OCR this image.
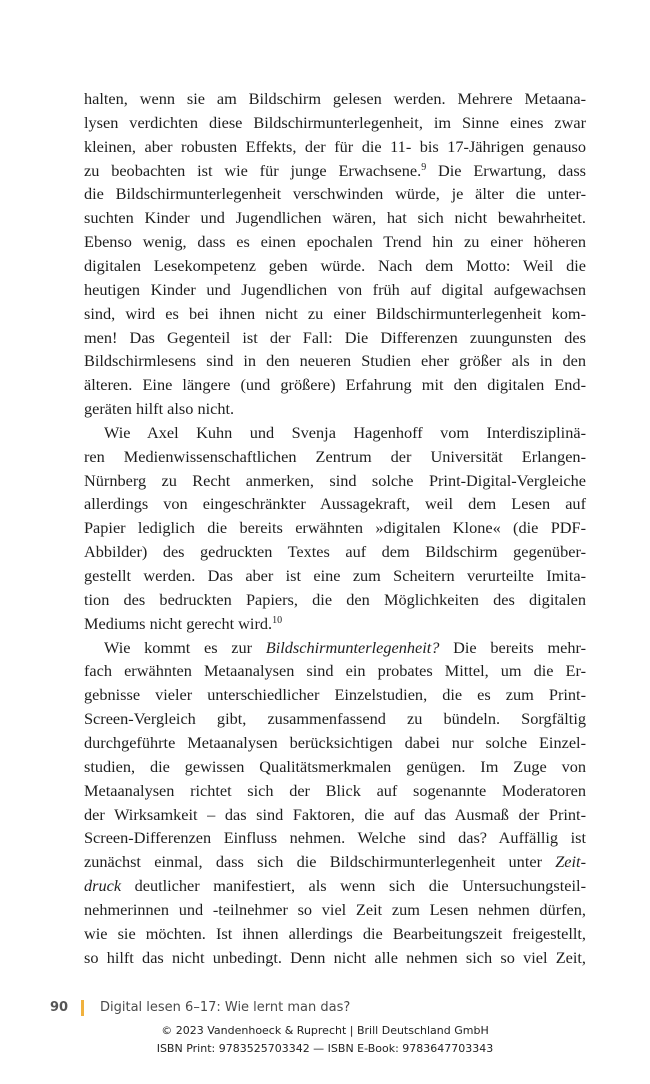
halten, wenn sie am Bildschirm gelesen werden. Mehrere Metaana-
lysen verdichten diese Bildschirmunterlegenheit, im Sinne eines zwar
kleinen, aber robusten Effekts, der für die 11- bis 17-Jährigen genauso
zu beobachten ist wie für junge Erwachsene.$^9$ Die Erwartung, dass
die Bildschirmunterlegenheit verschwinden würde, je älter die unter-
suchten Kinder und Jugendlichen wären, hat sich nicht bewahrheitet.
Ebenso wenig, dass es einen epochalen Trend hin zu einer höheren
digitalen Lesekompetenz geben würde. Nach dem Motto: Weil die
heutigen Kinder und Jugendlichen von früh auf digital aufgewachsen
sind, wird es bei ihnen nicht zu einer Bildschirmunterlegenheit kom-
men! Das Gegenteil ist der Fall: Die Differenzen zuungunsten des
Bildschirmlesens sind in den neueren Studien eher größer als in den
älteren. Eine längere (und größere) Erfahrung mit den digitalen End-
geräten hilft also nicht.
Wie Axel Kuhn und Svenja Hagenhoff vom Interdisziplinä-
ren Medienwissenschaftlichen Zentrum der Universität Erlangen-
Nürnberg zu Recht anmerken, sind solche Print-Digital-Vergleiche
allerdings von eingeschränkter Aussagekraft, weil dem Lesen auf
Papier lediglich die bereits erwähnten »digitalen Klone« (die PDF-
Abbilder) des gedruckten Textes auf dem Bildschirm gegenüber-
gestellt werden. Das aber ist eine zum Scheitern verurteilte Imita-
tion des bedruckten Papiers, die den Möglichkeiten des digitalen
Mediums nicht gerecht wird.$^{10}$
Wie kommt es zur Bildschirmunterlegenheit? Die bereits mehr-
fach erwähnten Metaanalysen sind ein probates Mittel, um die Er-
gebnisse vieler unterschiedlicher Einzelstudien, die es zum Print-
Screen-Vergleich gibt, zusammenfassend zu bündeln. Sorgfältig
durchgeführte Metaanalysen berücksichtigen dabei nur solche Einzel-
studien, die gewissen Qualitätsmerkmalen genügen. Im Zuge von
Metaanalysen richtet sich der Blick auf sogenannte Moderatoren
der Wirksamkeit – das sind Faktoren, die auf das Ausmaß der Print-
Screen-Differenzen Einfluss nehmen. Welche sind das? Auffällig ist
zunächst einmal, dass sich die Bildschirmunterlegenheit unter Zeit-
druck deutlicher manifestiert, als wenn sich die Untersuchungsteil-
nehmerinnen und -teilnehmer so viel Zeit zum Lesen nehmen dürfen,
wie sie möchten. Ist ihnen allerdings die Bearbeitungszeit freigestellt,
so hilft das nicht unbedingt. Denn nicht alle nehmen sich so viel Zeit,
90 Digital lesen 6–17: Wie lernt man das?
© 2023 Vandenhoeck & Ruprecht | Brill Deutschland GmbH
ISBN Print: 9783525703342 — ISBN E-Book: 9783647703343
